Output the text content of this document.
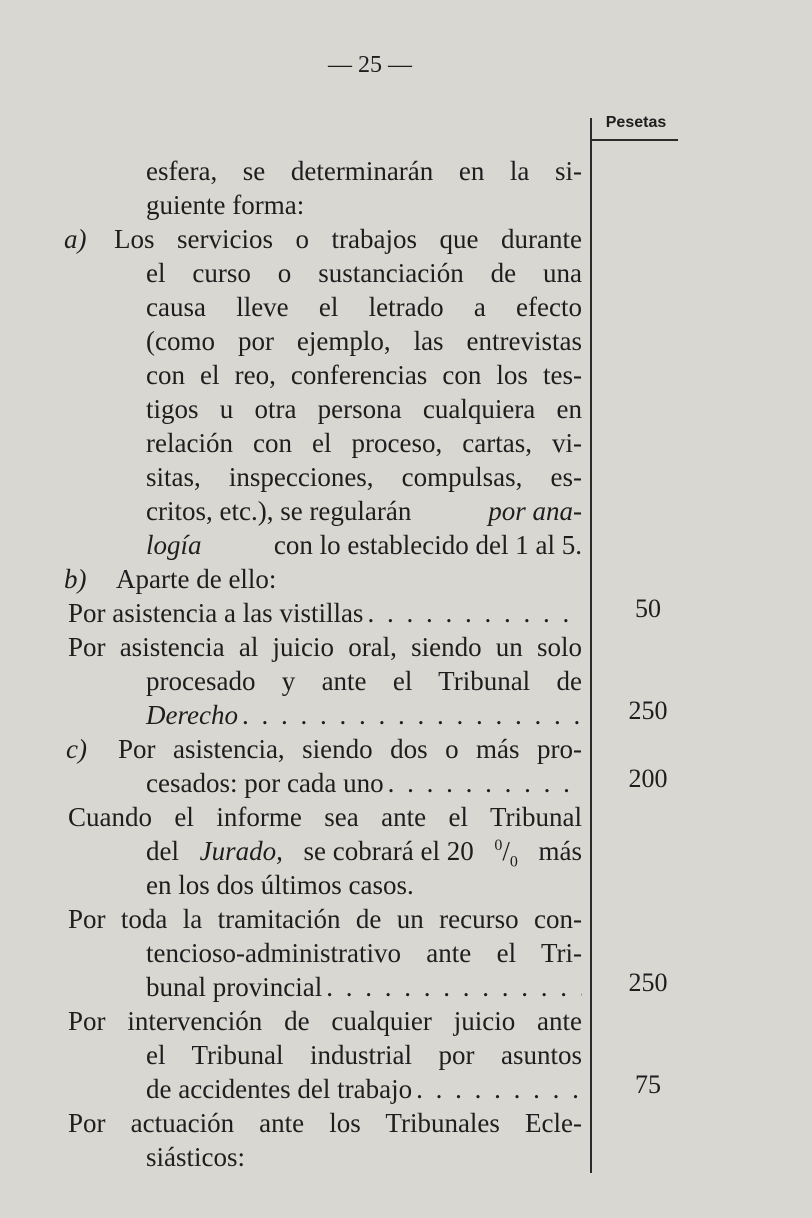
— 25 —
Pesetas
esfera, se determinarán en la si-
guiente forma:
a) Los servicios o trabajos que durante
el curso o sustanciación de una
causa lleve el letrado a efecto
(como por ejemplo, las entrevistas
con el reo, conferencias con los tes-
tigos u otra persona cualquiera en
relación con el proceso, cartas, vi-
sitas, inspecciones, compulsas, es-
critos, etc.), se regularán	por ana-
logía	con lo establecido del 1 al 5.
b) Aparte de ello:
Por asistencia a las vistillas . . .	50
Por asistencia al juicio oral, siendo un solo
procesado y ante el Tribunal de
Derecho . . .	250
c) Por asistencia, siendo dos o más pro-
cesados: por cada uno . . .	200
Cuando el informe sea ante el Tribunal
del Jurado, se cobrará el 20 $^0/_0$ más
en los dos últimos casos.
Por toda la tramitación de un recurso con-
tencioso-administrativo ante el Tri-
bunal provincial . . .	250
Por intervención de cualquier juicio ante
el Tribunal industrial por asuntos
de accidentes del trabajo . . .	75
Por actuación ante los Tribunales Ecle-
siásticos:
